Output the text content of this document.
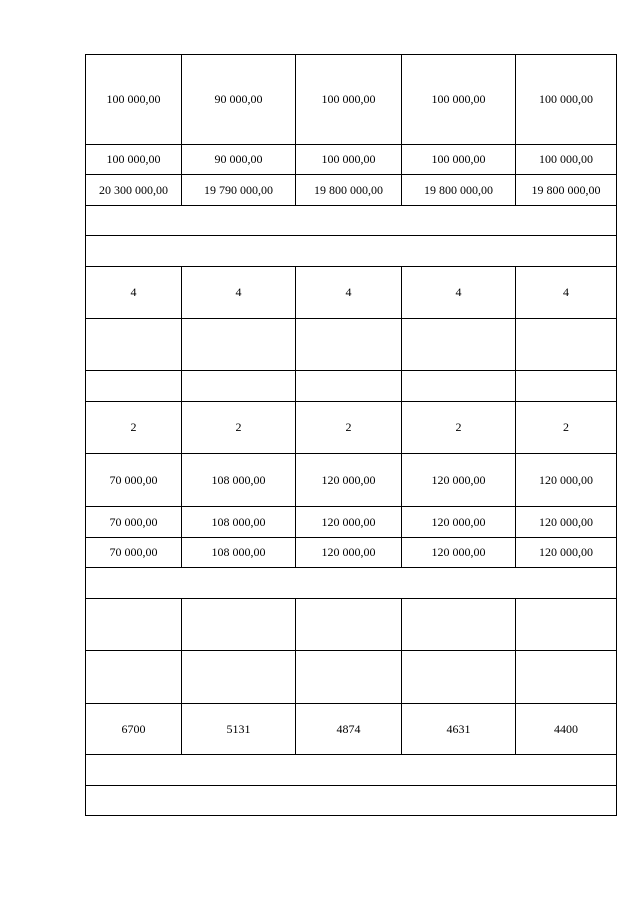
100 000,00	90 000,00	100 000,00	100 000,00	100 000,00
100 000,00	90 000,00	100 000,00	100 000,00	100 000,00
20 300 000,00	19 790 000,00	19 800 000,00	19 800 000,00	19 800 000,00

4	4	4	4	4

2	2	2	2	2
70 000,00	108 000,00	120 000,00	120 000,00	120 000,00
70 000,00	108 000,00	120 000,00	120 000,00	120 000,00
70 000,00	108 000,00	120 000,00	120 000,00	120 000,00

6700	5131	4874	4631	4400
